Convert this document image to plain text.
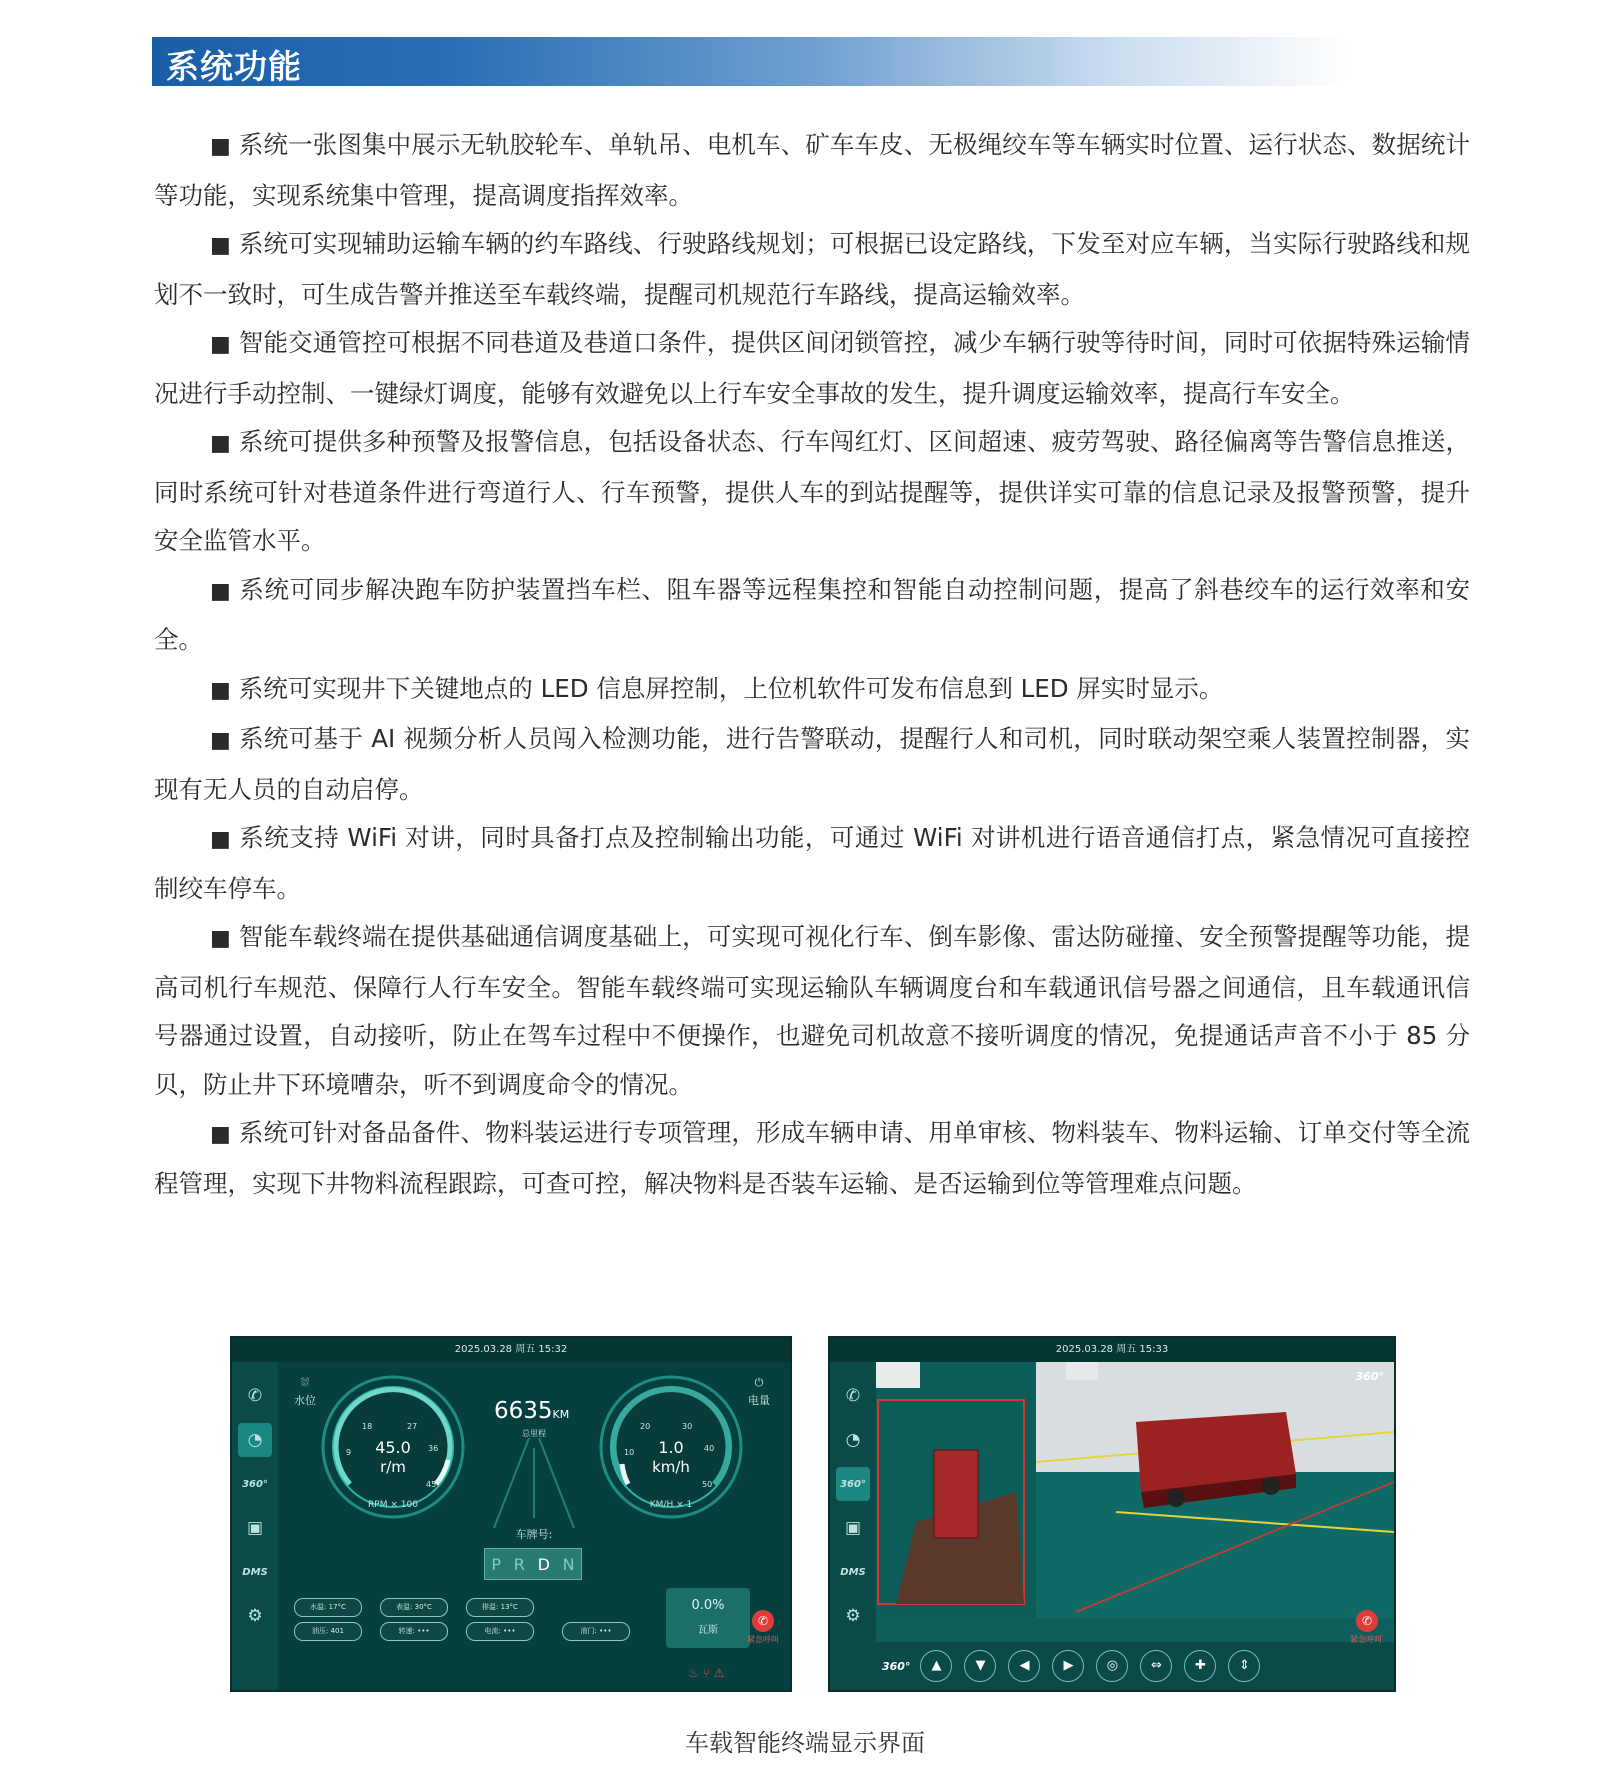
系统功能

■ 系统一张图集中展示无轨胶轮车、单轨吊、电机车、矿车车皮、无极绳绞车等车辆实时位置、运行状态、数据统计等功能，实现系统集中管理，提高调度指挥效率。

■ 系统可实现辅助运输车辆的约车路线、行驶路线规划；可根据已设定路线，下发至对应车辆，当实际行驶路线和规划不一致时，可生成告警并推送至车载终端，提醒司机规范行车路线，提高运输效率。

■ 智能交通管控可根据不同巷道及巷道口条件，提供区间闭锁管控，减少车辆行驶等待时间，同时可依据特殊运输情况进行手动控制、一键绿灯调度，能够有效避免以上行车安全事故的发生，提升调度运输效率，提高行车安全。

■ 系统可提供多种预警及报警信息，包括设备状态、行车闯红灯、区间超速、疲劳驾驶、路径偏离等告警信息推送，同时系统可针对巷道条件进行弯道行人、行车预警，提供人车的到站提醒等，提供详实可靠的信息记录及报警预警，提升安全监管水平。

■ 系统可同步解决跑车防护装置挡车栏、阻车器等远程集控和智能自动控制问题，提高了斜巷绞车的运行效率和安全。

■ 系统可实现井下关键地点的 LED 信息屏控制，上位机软件可发布信息到 LED 屏实时显示。

■ 系统可基于 AI 视频分析人员闯入检测功能，进行告警联动，提醒行人和司机，同时联动架空乘人装置控制器，实现有无人员的自动启停。

■ 系统支持 WiFi 对讲，同时具备打点及控制输出功能，可通过 WiFi 对讲机进行语音通信打点，紧急情况可直接控制绞车停车。

■ 智能车载终端在提供基础通信调度基础上，可实现可视化行车、倒车影像、雷达防碰撞、安全预警提醒等功能，提高司机行车规范、保障行人行车安全。智能车载终端可实现运输队车辆调度台和车载通讯信号器之间通信，且车载通讯信号器通过设置，自动接听，防止在驾车过程中不便操作，也避免司机故意不接听调度的情况，免提通话声音不小于 85 分贝，防止井下环境嘈杂，听不到调度命令的情况。

■ 系统可针对备品备件、物料装运进行专项管理，形成车辆申请、用单审核、物料装车、物料运输、订单交付等全流程管理，实现下井物料流程跟踪，可查可控，解决物料是否装车运输、是否运输到位等管理难点问题。

2025.03.28 周五 15:32
✆
◔
360°
▣
DMS
⚙
⛆
水位
⏻
电量
45.0
r/m
RPM × 100
9
18	27
36
45
6635KM
总里程
车牌号:
P R D N
1.0
km/h
KM/H × 1
10
20	30
40
50
水温: 17°C	表温: 30°C	排温: 13°C
油压: 401	转速: •••	电流: •••	油门: •••
0.0%
瓦斯
✆
紧急呼叫
♨ ⑂ ⚠
2025.03.28 周五 15:33
✆
◔
360°
▣
DMS
⚙
360°
360°	▲	▼	◀	▶	◎	⇔	✚	⇕
✆
紧急呼叫
车载智能终端显示界面
